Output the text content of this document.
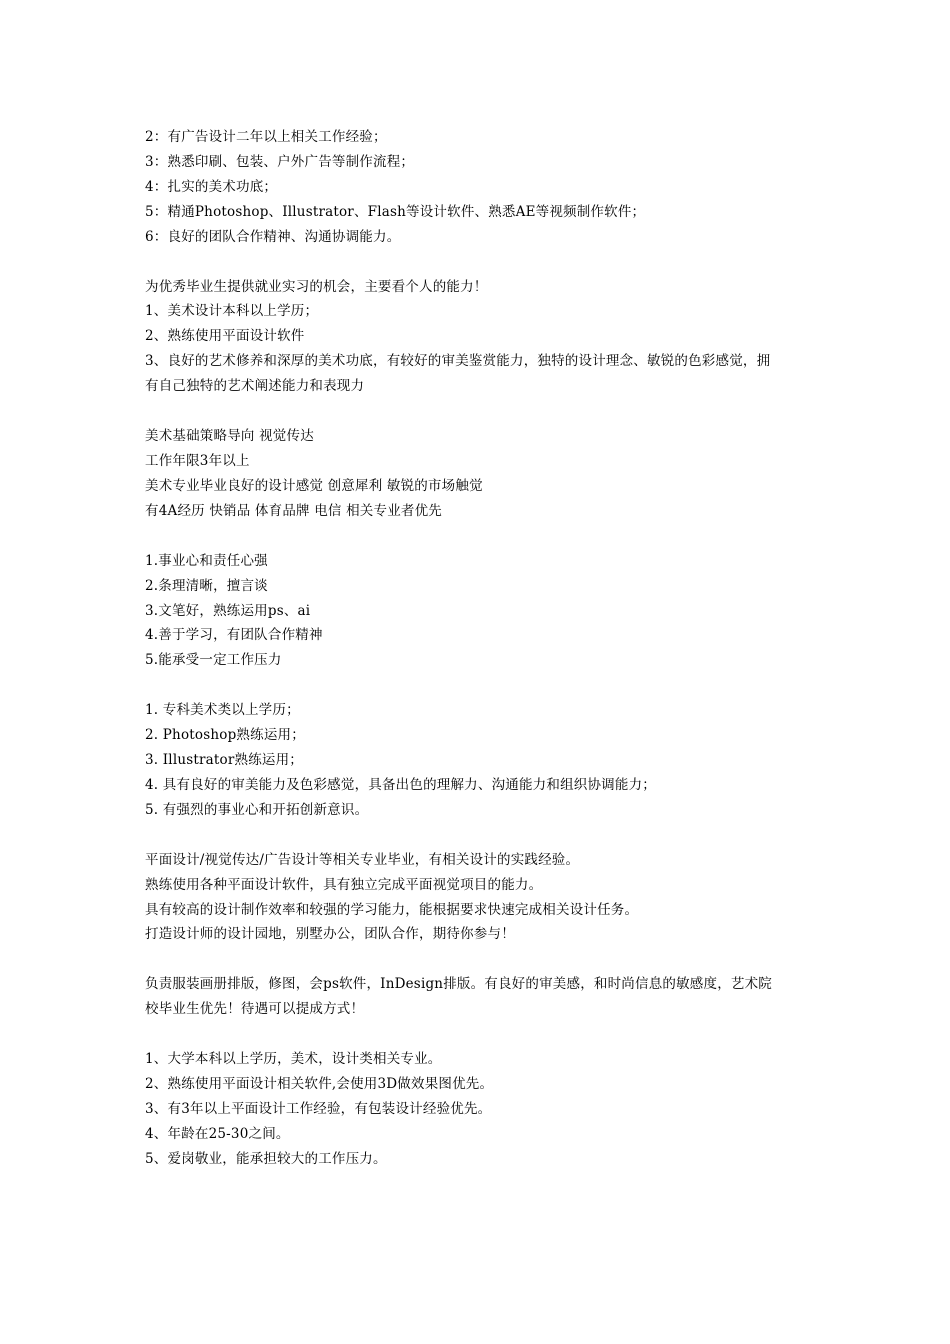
2：有广告设计二年以上相关工作经验；
3：熟悉印刷、包装、户外广告等制作流程；
4：扎实的美术功底；
5：精通Photoshop、Illustrator、Flash等设计软件、熟悉AE等视频制作软件；
6：良好的团队合作精神、沟通协调能力。
为优秀毕业生提供就业实习的机会，主要看个人的能力！
1、美术设计本科以上学历；
2、熟练使用平面设计软件
3、良好的艺术修养和深厚的美术功底，有较好的审美鉴赏能力，独特的设计理念、敏锐的色彩感觉，拥
有自己独特的艺术阐述能力和表现力
美术基础策略导向 视觉传达
工作年限3年以上
美术专业毕业良好的设计感觉 创意犀利 敏锐的市场触觉
有4A经历 快销品 体育品牌 电信 相关专业者优先
1.事业心和责任心强
2.条理清晰，擅言谈
3.文笔好，熟练运用ps、ai
4.善于学习，有团队合作精神
5.能承受一定工作压力
1. 专科美术类以上学历；
2. Photoshop熟练运用；
3. Illustrator熟练运用；
4. 具有良好的审美能力及色彩感觉，具备出色的理解力、沟通能力和组织协调能力；
5. 有强烈的事业心和开拓创新意识。
平面设计/视觉传达/广告设计等相关专业毕业，有相关设计的实践经验。
熟练使用各种平面设计软件，具有独立完成平面视觉项目的能力。
具有较高的设计制作效率和较强的学习能力，能根据要求快速完成相关设计任务。
打造设计师的设计园地，别墅办公，团队合作，期待你参与！
负责服装画册排版，修图，会ps软件，InDesign排版。有良好的审美感，和时尚信息的敏感度，艺术院
校毕业生优先！待遇可以提成方式！
1、大学本科以上学历，美术，设计类相关专业。
2、熟练使用平面设计相关软件,会使用3D做效果图优先。
3、有3年以上平面设计工作经验，有包装设计经验优先。
4、年龄在25-30之间。
5、爱岗敬业，能承担较大的工作压力。
